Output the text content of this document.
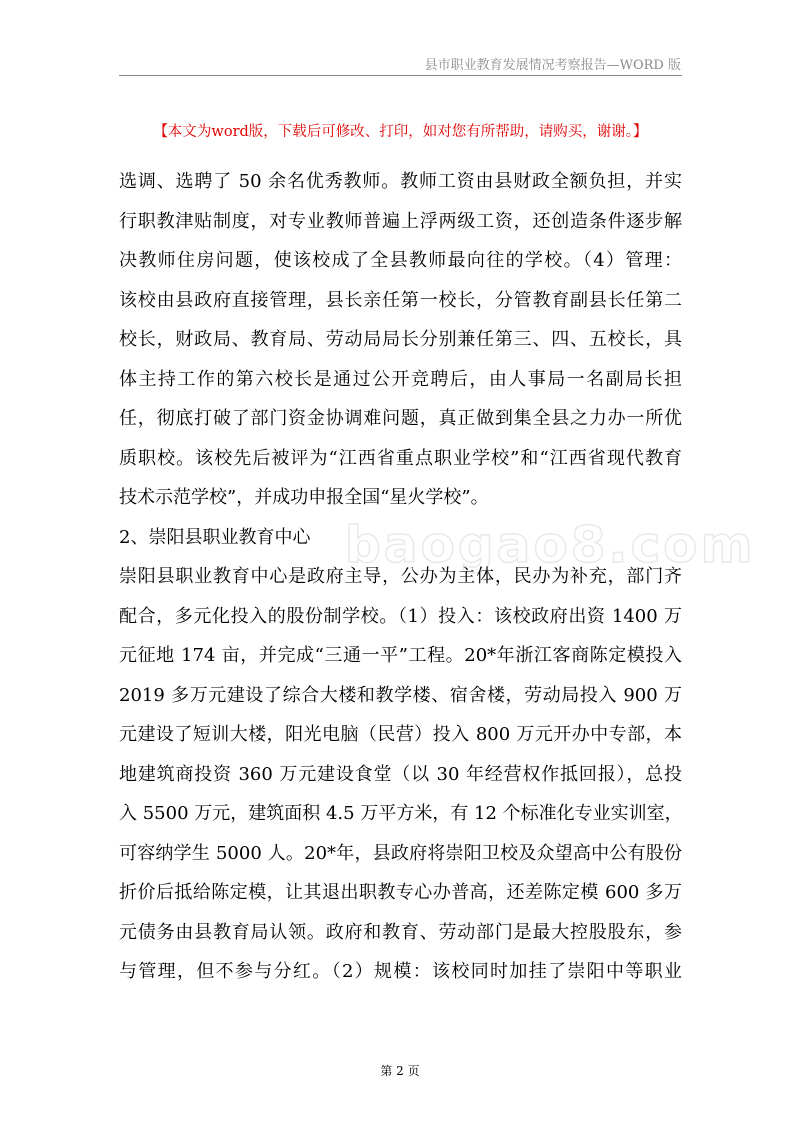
县市职业教育发展情况考察报告—WORD 版
【本文为word版，下载后可修改、打印，如对您有所帮助，请购买，谢谢。】
baogao8.com
选调、选聘了 50 余名优秀教师。教师工资由县财政全额负担，并实
行职教津贴制度，对专业教师普遍上浮两级工资，还创造条件逐步解
决教师住房问题，使该校成了全县教师最向往的学校。（4）管理：
该校由县政府直接管理，县长亲任第一校长，分管教育副县长任第二
校长，财政局、教育局、劳动局局长分别兼任第三、四、五校长，具
体主持工作的第六校长是通过公开竞聘后，由人事局一名副局长担
任，彻底打破了部门资金协调难问题，真正做到集全县之力办一所优
质职校。该校先后被评为“江西省重点职业学校”和“江西省现代教育
技术示范学校”，并成功申报全国“星火学校”。
2、崇阳县职业教育中心
崇阳县职业教育中心是政府主导，公办为主体，民办为补充，部门齐
配合，多元化投入的股份制学校。（1）投入：该校政府出资 1400 万
元征地 174 亩，并完成“三通一平”工程。20*年浙江客商陈定模投入
2019 多万元建设了综合大楼和教学楼、宿舍楼，劳动局投入 900 万
元建设了短训大楼，阳光电脑（民营）投入 800 万元开办中专部，本
地建筑商投资 360 万元建设食堂（以 30 年经营权作抵回报），总投
入 5500 万元，建筑面积 4.5 万平方米，有 12 个标准化专业实训室，
可容纳学生 5000 人。20*年，县政府将崇阳卫校及众望高中公有股份
折价后抵给陈定模，让其退出职教专心办普高，还差陈定模 600 多万
元债务由县教育局认领。政府和教育、劳动部门是最大控股股东，参
与管理，但不参与分红。（2）规模：该校同时加挂了崇阳中等职业
第 2 页
